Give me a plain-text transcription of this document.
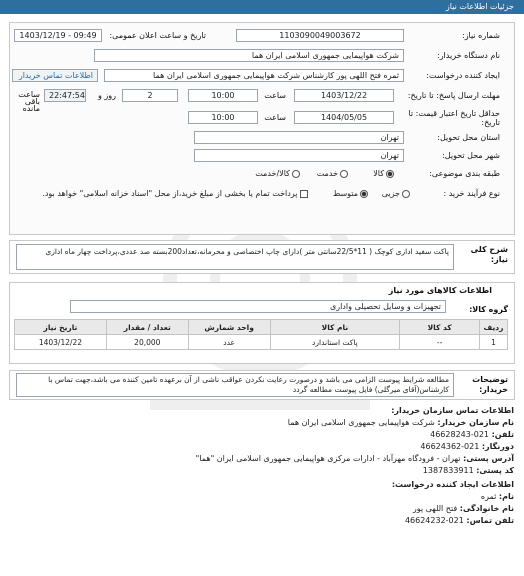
جزئیات اطلاعات نیاز
شماره نیاز:
1103090049003672
تاریخ و ساعت اعلان عمومی:
1403/12/19 - 09:49
نام دستگاه خریدار:
شرکت هواپیمایی جمهوری اسلامی ایران هما
ایجاد کننده درخواست:
ثمره فتح اللهی پور کارشناس شرکت هواپیمایی جمهوری اسلامی ایران هما
اطلاعات تماس خریدار
مهلت ارسال پاسخ: تا تاریخ:
1403/12/22
ساعت
10:00
2
روز و
22:47:54
ساعت باقی مانده
حداقل تاریخ اعتبار قیمت: تا تاریخ:
1404/05/05
ساعت
10:00
استان محل تحویل:
تهران
شهر محل تحویل:
تهران
طبقه بندی موضوعی:
کالا
خدمت
کالا/خدمت
نوع فرآیند خرید :
جزیی
متوسط
پرداخت تمام یا بخشی از مبلغ خرید،از محل "اسناد خزانه اسلامی" خواهد بود.
شرح کلی نیاز:
پاکت سفید اداری کوچک ( 11*22/5سانتی متر )دارای چاپ اختصاصی و محرمانه،تعداد200بسته صد عددی،پرداخت چهار ماه اداری
اطلاعات کالاهای مورد نیاز
گروه کالا:
تجهیزات و وسایل تحصیلی واداری
ردیف	کد کالا	نام کالا	واحد شمارش	تعداد / مقدار	تاریخ نیاز
1	--	پاکت استاندارد	عدد	20,000	1403/12/22
توضیحات خریدار:
مطالعه شرایط پیوست الزامی می باشد و درصورت رعایت نکردن عواقب ناشی از آن برعهده تامین کننده می باشد،جهت تماس با کارشناس(آقای میرگلی) فایل پیوست مطالعه گردد
اطلاعات تماس سازمان خریدار:
نام سازمان خریدار: شرکت هواپیمایی جمهوری اسلامی ایران هما
تلفن: 021-46628243
دورنگار: 021-46624362
آدرس پستی: تهران - فرودگاه مهرآباد - ادارات مرکزی هواپیمایی جمهوری اسلامی ایران "هما"
کد پستی: 1387833911
اطلاعات ایجاد کننده درخواست:
نام: ثمره
نام خانوادگی: فتح اللهی پور
تلفن تماس: 021-46624232
